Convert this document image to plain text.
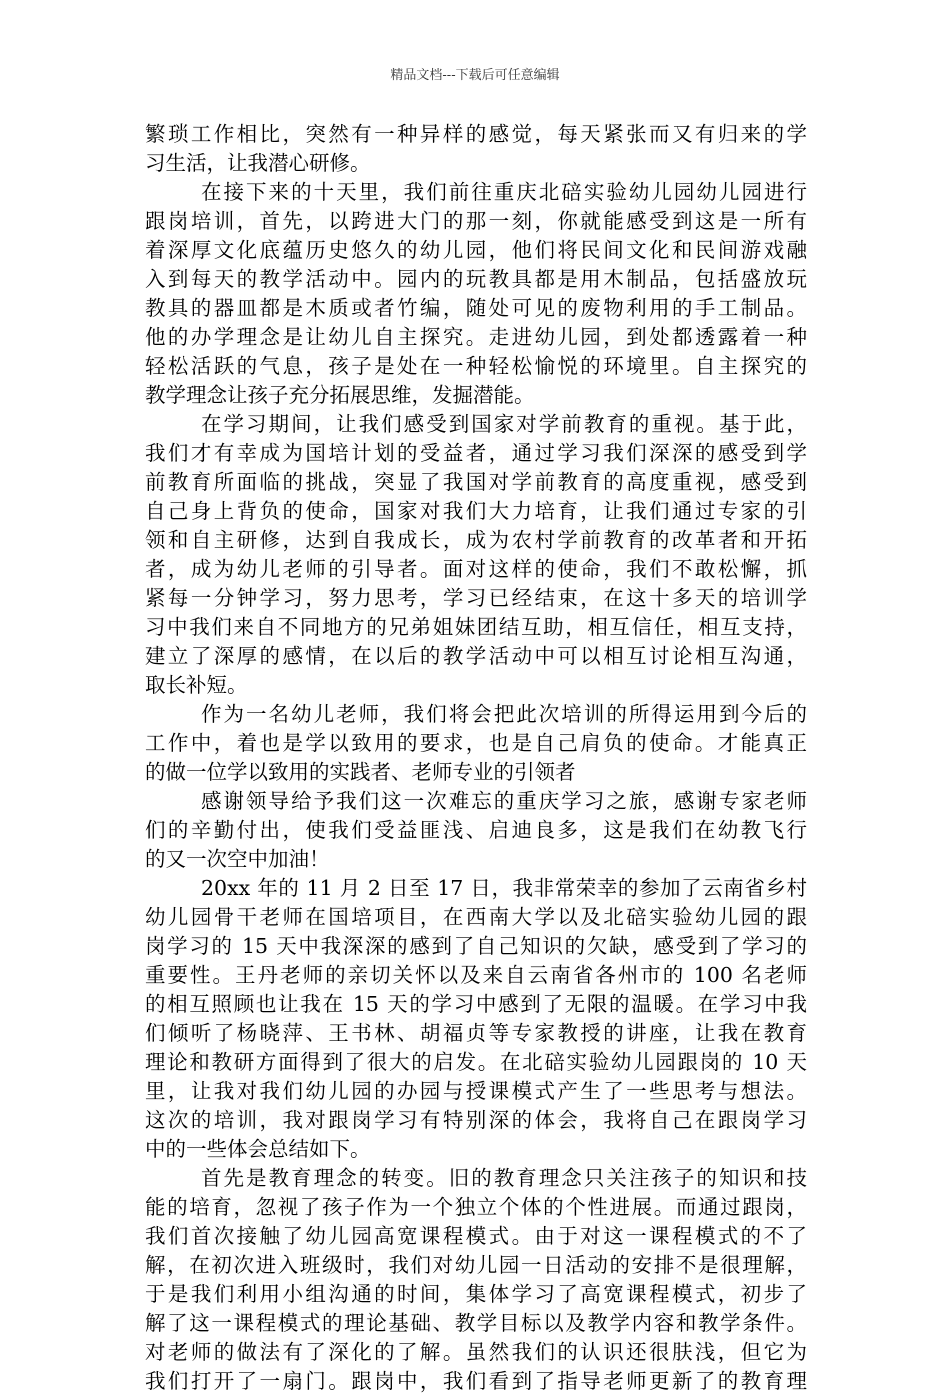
精品文档---下载后可任意编辑
繁琐工作相比，突然有一种异样的感觉，每天紧张而又有归来的学
习生活，让我潜心研修。
在接下来的十天里，我们前往重庆北碚实验幼儿园幼儿园进行
跟岗培训，首先，以跨进大门的那一刻，你就能感受到这是一所有
着深厚文化底蕴历史悠久的幼儿园，他们将民间文化和民间游戏融
入到每天的教学活动中。园内的玩教具都是用木制品，包括盛放玩
教具的器皿都是木质或者竹编，随处可见的废物利用的手工制品。
他的办学理念是让幼儿自主探究。走进幼儿园，到处都透露着一种
轻松活跃的气息，孩子是处在一种轻松愉悦的环境里。自主探究的
教学理念让孩子充分拓展思维，发掘潜能。
在学习期间，让我们感受到国家对学前教育的重视。基于此，
我们才有幸成为国培计划的受益者，通过学习我们深深的感受到学
前教育所面临的挑战，突显了我国对学前教育的高度重视，感受到
自己身上背负的使命，国家对我们大力培育，让我们通过专家的引
领和自主研修，达到自我成长，成为农村学前教育的改革者和开拓
者，成为幼儿老师的引导者。面对这样的使命，我们不敢松懈，抓
紧每一分钟学习，努力思考，学习已经结束，在这十多天的培训学
习中我们来自不同地方的兄弟姐妹团结互助，相互信任，相互支持，
建立了深厚的感情，在以后的教学活动中可以相互讨论相互沟通，
取长补短。
作为一名幼儿老师，我们将会把此次培训的所得运用到今后的
工作中，着也是学以致用的要求，也是自己肩负的使命。才能真正
的做一位学以致用的实践者、老师专业的引领者
感谢领导给予我们这一次难忘的重庆学习之旅，感谢专家老师
们的辛勤付出，使我们受益匪浅、启迪良多，这是我们在幼教飞行
的又一次空中加油！
20xx 年的 11 月 2 日至 17 日，我非常荣幸的参加了云南省乡村
幼儿园骨干老师在国培项目，在西南大学以及北碚实验幼儿园的跟
岗学习的 15 天中我深深的感到了自己知识的欠缺，感受到了学习的
重要性。王丹老师的亲切关怀以及来自云南省各州市的 100 名老师
的相互照顾也让我在 15 天的学习中感到了无限的温暖。在学习中我
们倾听了杨晓萍、王书林、胡福贞等专家教授的讲座，让我在教育
理论和教研方面得到了很大的启发。在北碚实验幼儿园跟岗的 10 天
里，让我对我们幼儿园的办园与授课模式产生了一些思考与想法。
这次的培训，我对跟岗学习有特别深的体会，我将自己在跟岗学习
中的一些体会总结如下。
首先是教育理念的转变。旧的教育理念只关注孩子的知识和技
能的培育，忽视了孩子作为一个独立个体的个性进展。而通过跟岗，
我们首次接触了幼儿园高宽课程模式。由于对这一课程模式的不了
解，在初次进入班级时，我们对幼儿园一日活动的安排不是很理解，
于是我们利用小组沟通的时间，集体学习了高宽课程模式，初步了
解了这一课程模式的理论基础、教学目标以及教学内容和教学条件。
对老师的做法有了深化的了解。虽然我们的认识还很肤浅，但它为
我们打开了一扇门。跟岗中，我们看到了指导老师更新了的教育理
